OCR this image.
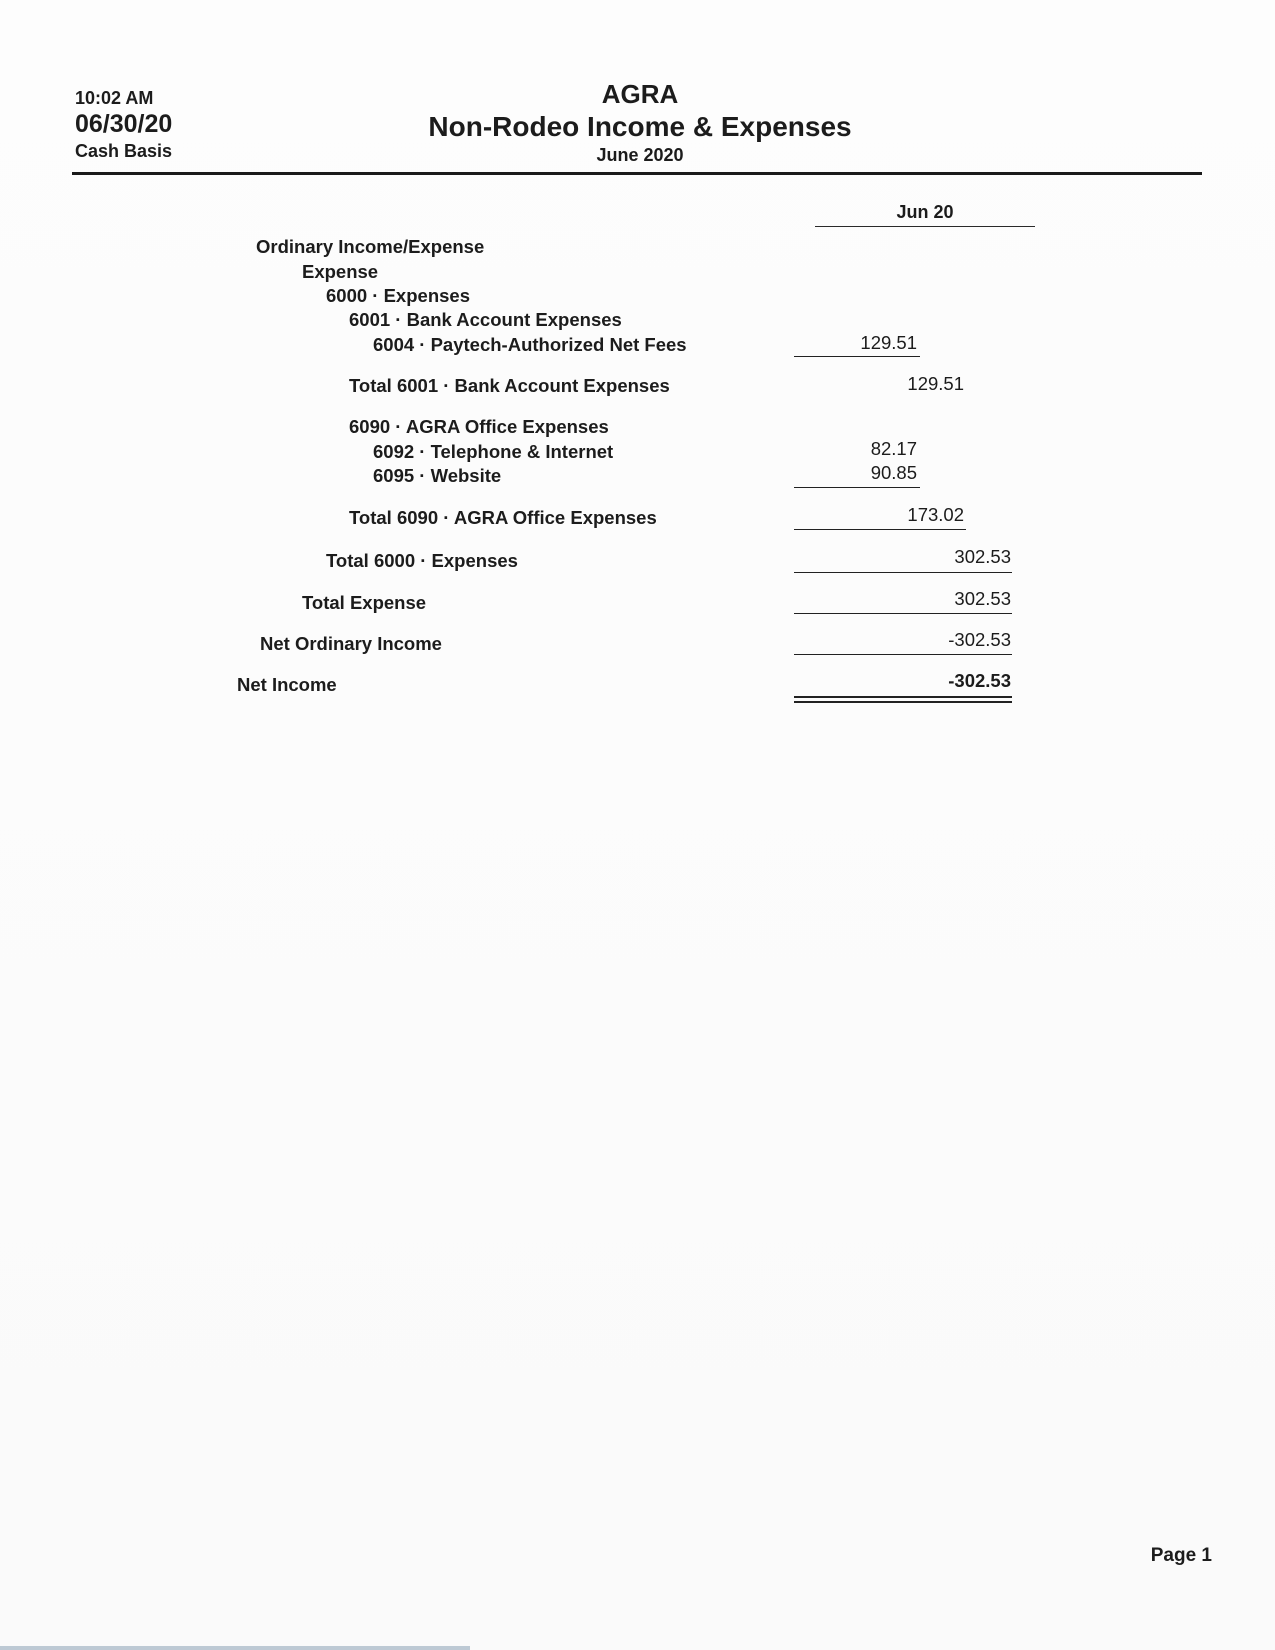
10:02 AM
06/30/20
Cash Basis
AGRA
Non-Rodeo Income & Expenses
June 2020
Jun 20
Ordinary Income/Expense
Expense
6000 · Expenses
6001 · Bank Account Expenses
6004 · Paytech-Authorized Net Fees	129.51
Total 6001 · Bank Account Expenses	129.51
6090 · AGRA Office Expenses
6092 · Telephone & Internet	82.17
6095 · Website	90.85
Total 6090 · AGRA Office Expenses	173.02
Total 6000 · Expenses	302.53
Total Expense	302.53
Net Ordinary Income	-302.53
Net Income	-302.53
Page 1
